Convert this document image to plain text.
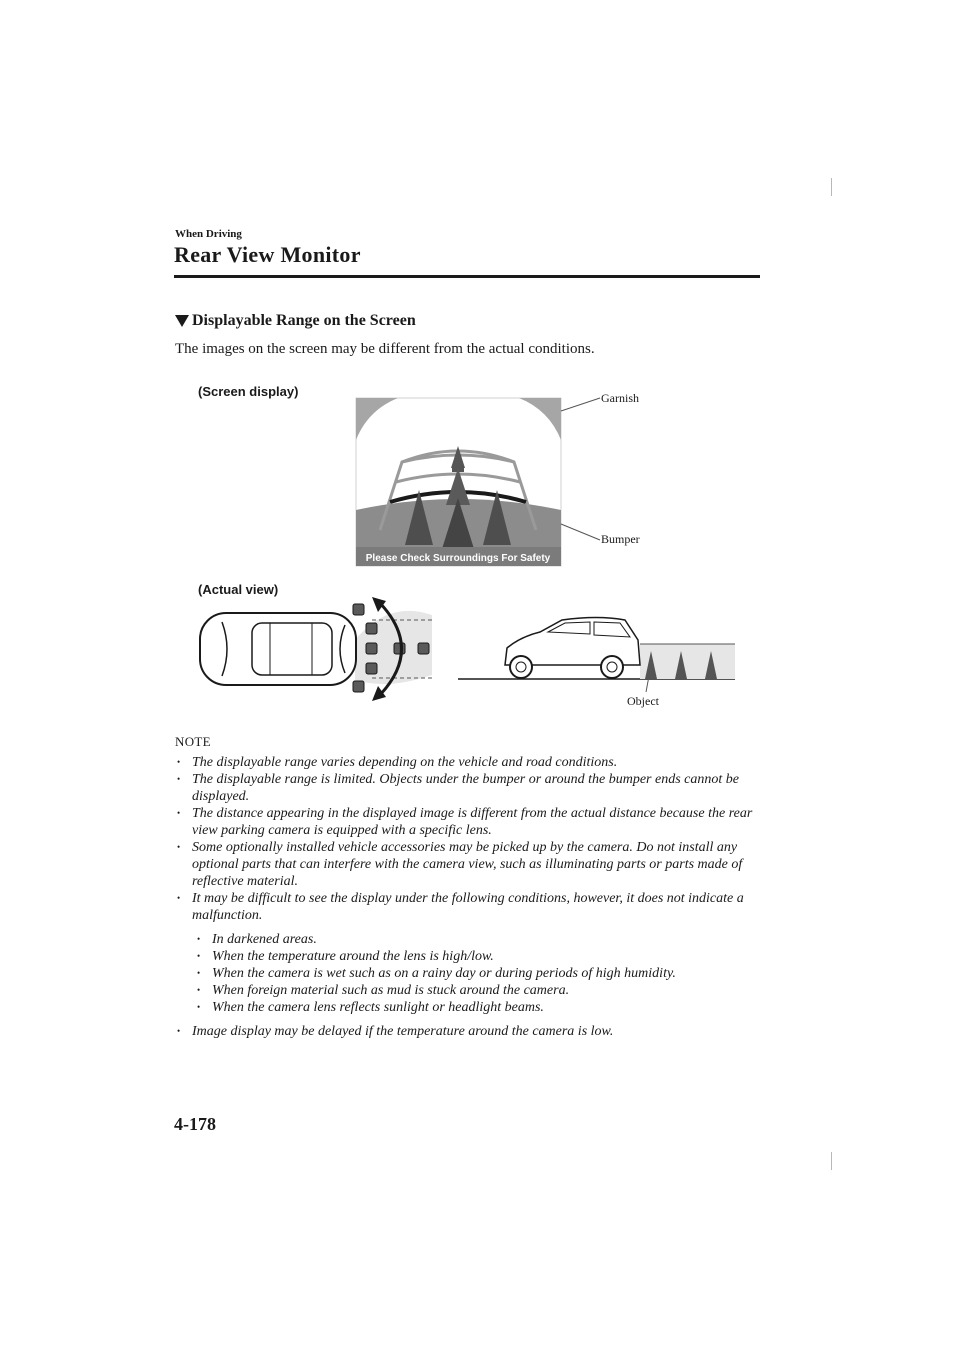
When Driving
Rear View Monitor
Displayable Range on the Screen
The images on the screen may be different from the actual conditions.
(Screen display)
(Actual view)
Garnish
Bumper
Object
Please Check Surroundings For Safety
NOTE
• The displayable range varies depending on the vehicle and road conditions.
• The displayable range is limited. Objects under the bumper or around the bumper ends cannot be displayed.
• The distance appearing in the displayed image is different from the actual distance because the rear view parking camera is equipped with a specific lens.
• Some optionally installed vehicle accessories may be picked up by the camera. Do not install any optional parts that can interfere with the camera view, such as illuminating parts or parts made of reflective material.
• It may be difficult to see the display under the following conditions, however, it does not indicate a malfunction.
• In darkened areas.
• When the temperature around the lens is high/low.
• When the camera is wet such as on a rainy day or during periods of high humidity.
• When foreign material such as mud is stuck around the camera.
• When the camera lens reflects sunlight or headlight beams.
• Image display may be delayed if the temperature around the camera is low.
4-178
